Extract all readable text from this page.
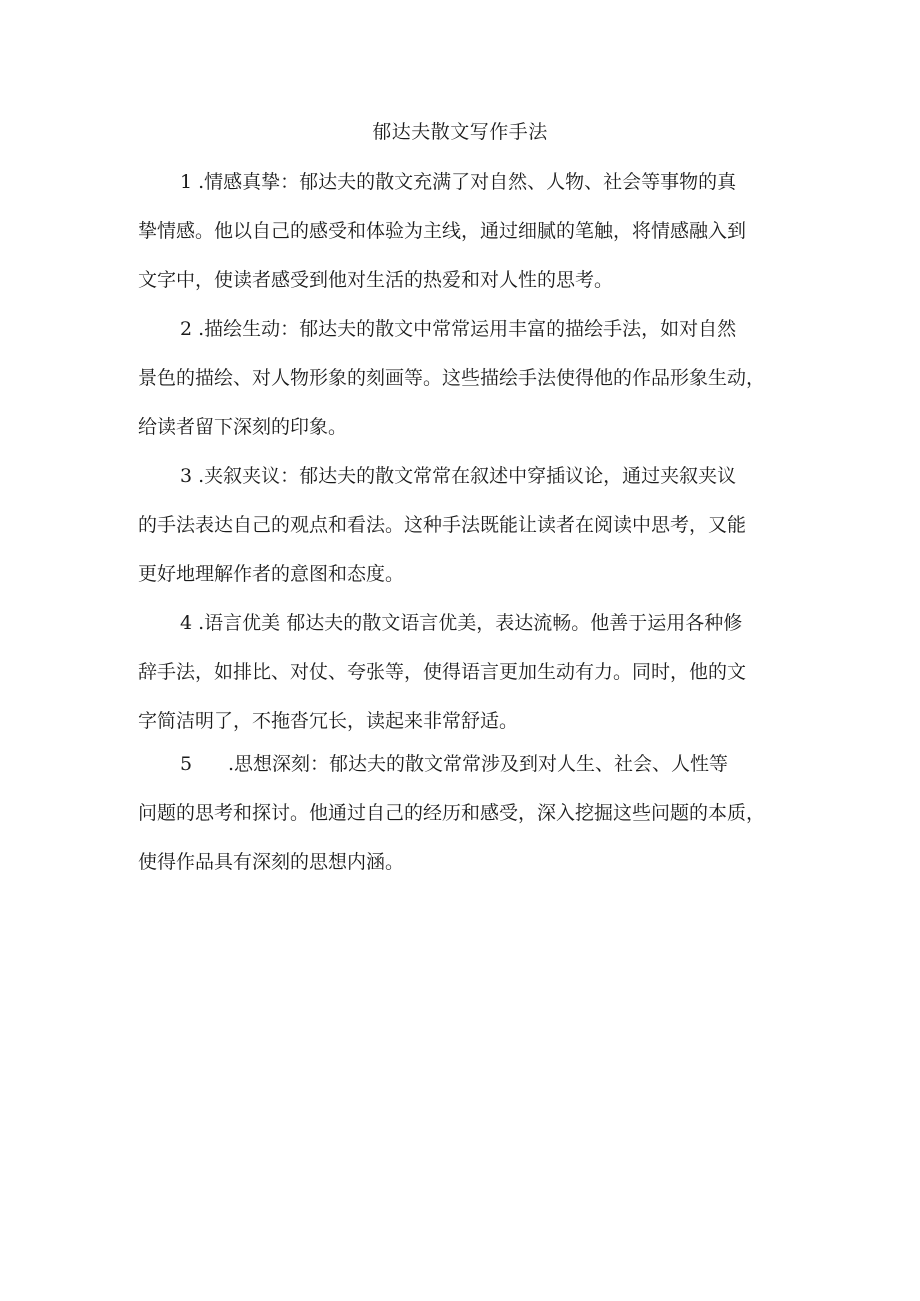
郁达夫散文写作手法
1 .情感真挚：郁达夫的散文充满了对自然、人物、社会等事物的真
挚情感。他以自己的感受和体验为主线，通过细腻的笔触，将情感融入到
文字中，使读者感受到他对生活的热爱和对人性的思考。
2 .描绘生动：郁达夫的散文中常常运用丰富的描绘手法，如对自然
景色的描绘、对人物形象的刻画等。这些描绘手法使得他的作品形象生动，
给读者留下深刻的印象。
3 .夹叙夹议：郁达夫的散文常常在叙述中穿插议论，通过夹叙夹议
的手法表达自己的观点和看法。这种手法既能让读者在阅读中思考，又能
更好地理解作者的意图和态度。
4 .语言优美 郁达夫的散文语言优美，表达流畅。他善于运用各种修
辞手法，如排比、对仗、夸张等，使得语言更加生动有力。同时，他的文
字简洁明了，不拖沓冗长，读起来非常舒适。
5 .思想深刻：郁达夫的散文常常涉及到对人生、社会、人性等
问题的思考和探讨。他通过自己的经历和感受，深入挖掘这些问题的本质，
使得作品具有深刻的思想内涵。
